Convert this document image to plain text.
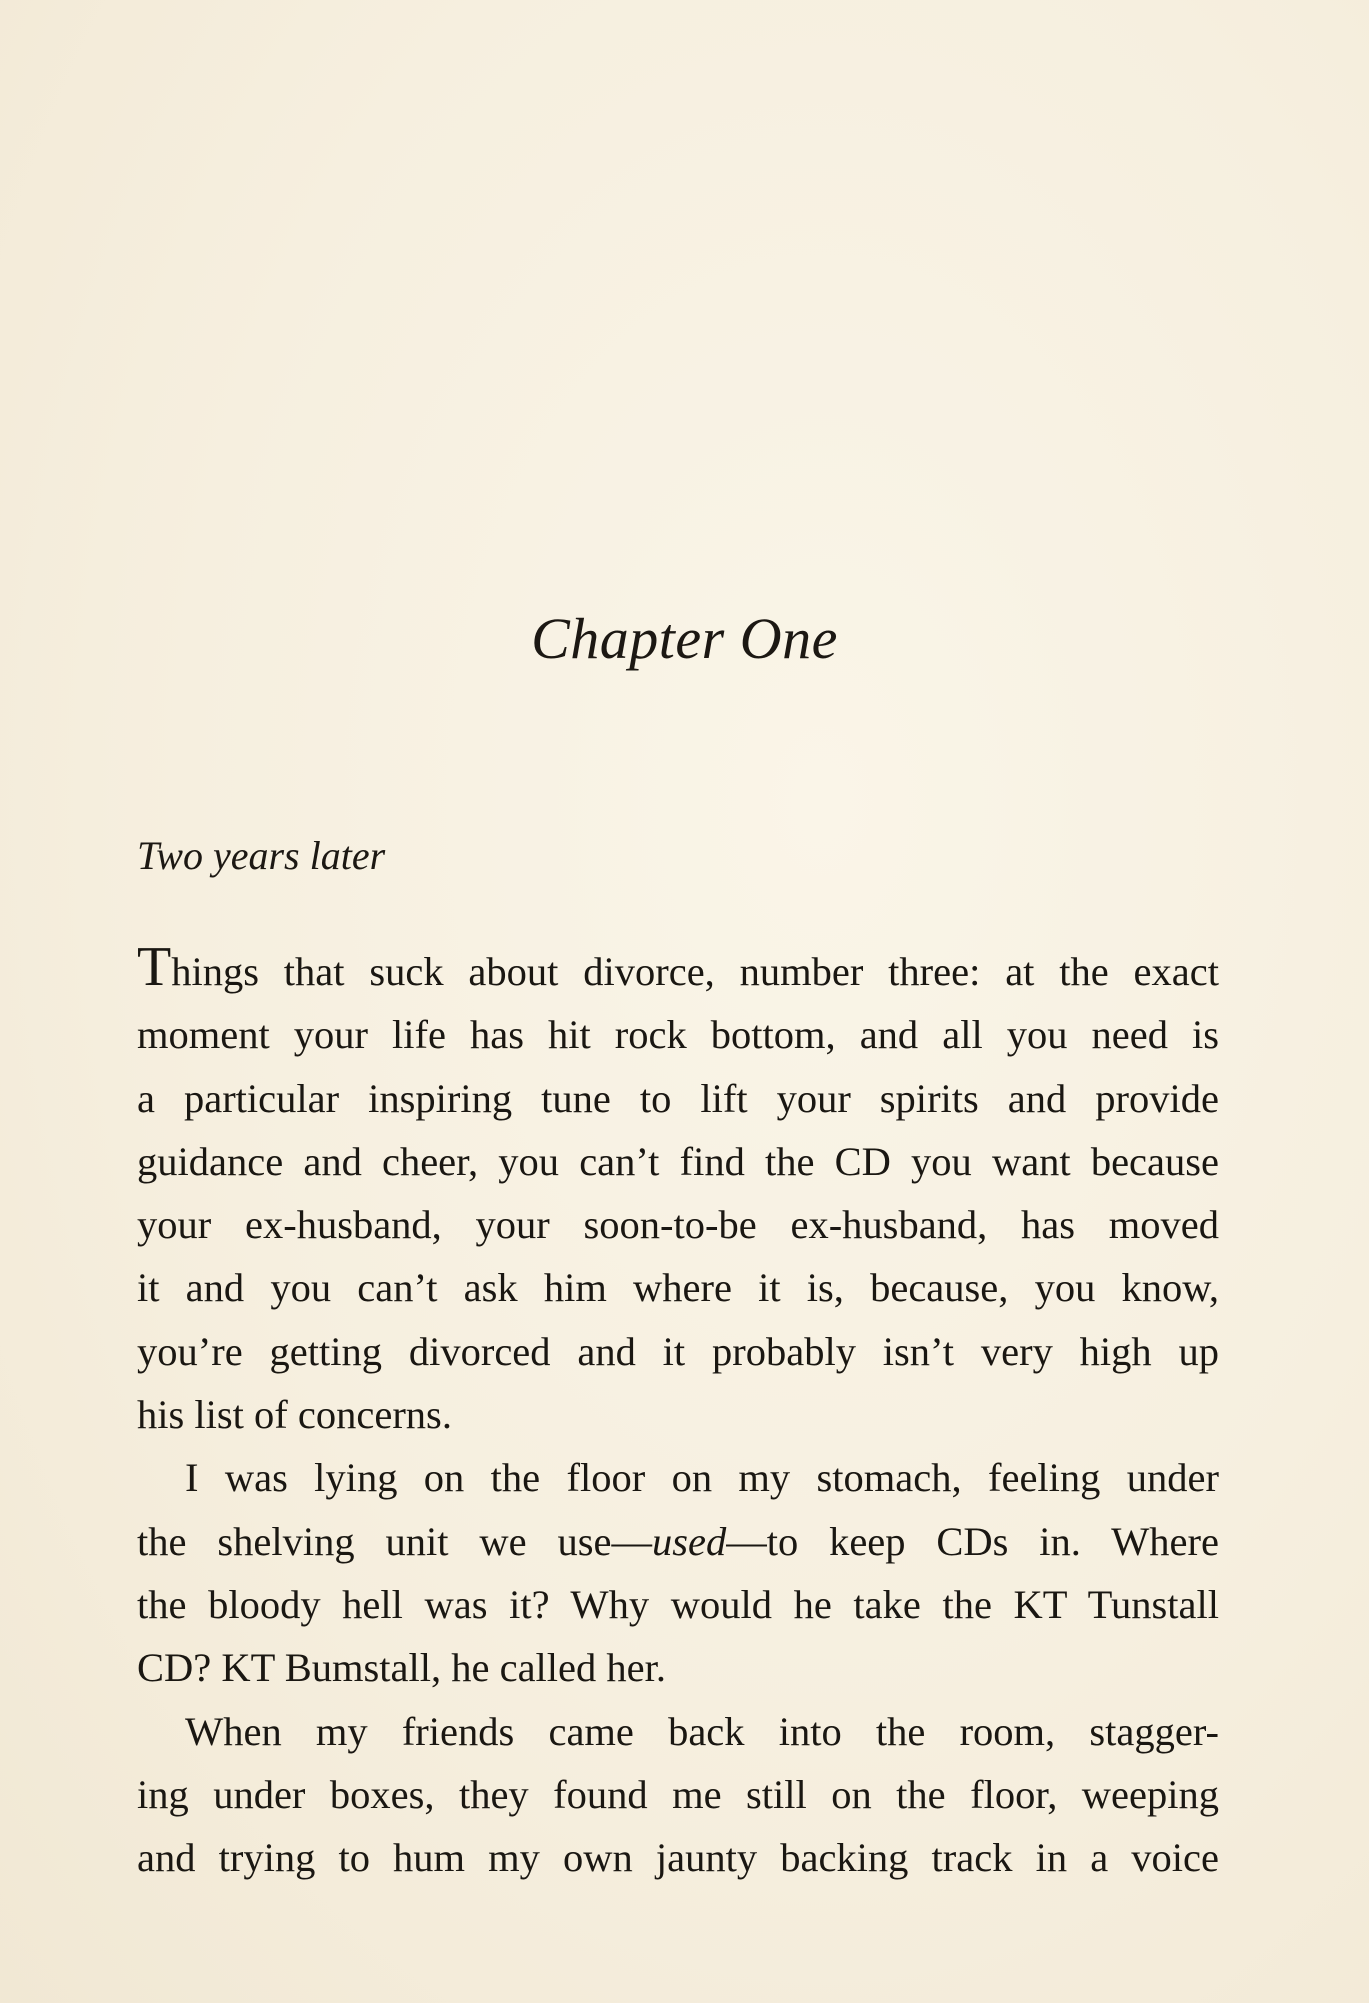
Chapter One
Two years later
Things that suck about divorce, number three: at the exact
moment your life has hit rock bottom, and all you need is
a particular inspiring tune to lift your spirits and provide
guidance and cheer, you can’t find the CD you want because
your ex-husband, your soon-to-be ex-husband, has moved
it and you can’t ask him where it is, because, you know,
you’re getting divorced and it probably isn’t very high up
his list of concerns.
I was lying on the floor on my stomach, feeling under
the shelving unit we use—used—to keep CDs in. Where
the bloody hell was it? Why would he take the KT Tunstall
CD? KT Bumstall, he called her.
When my friends came back into the room, stagger-
ing under boxes, they found me still on the floor, weeping
and trying to hum my own jaunty backing track in a voice
